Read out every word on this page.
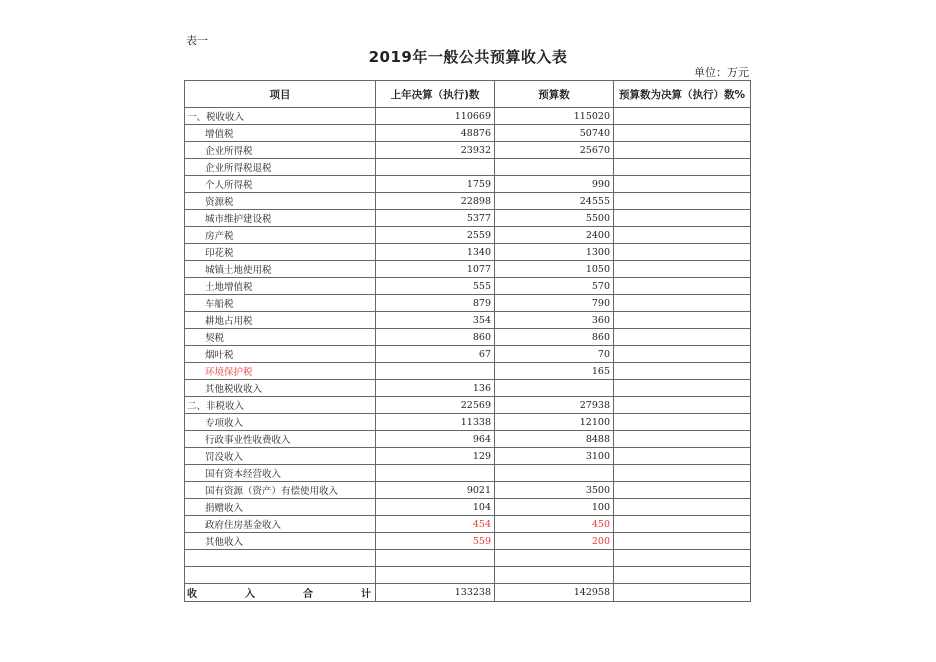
表一
2019年一般公共预算收入表
单位：万元
项目	上年决算（执行)数	预算数	预算数为决算（执行）数%
一、税收收入	110669	115020	
增值税	48876	50740	
企业所得税	23932	25670	
企业所得税退税			
个人所得税	1759	990	
资源税	22898	24555	
城市维护建设税	5377	5500	
房产税	2559	2400	
印花税	1340	1300	
城镇土地使用税	1077	1050	
土地增值税	555	570	
车船税	879	790	
耕地占用税	354	360	
契税	860	860	
烟叶税	67	70	
环境保护税		165	
其他税收收入	136		
二、非税收入	22569	27938	
专项收入	11338	12100	
行政事业性收费收入	964	8488	
罚没收入	129	3100	
国有资本经营收入			
国有资源（资产）有偿使用收入	9021	3500	
捐赠收入	104	100	
政府住房基金收入	454	450	
其他收入	559	200	

收 入 合 计	133238	142958	
